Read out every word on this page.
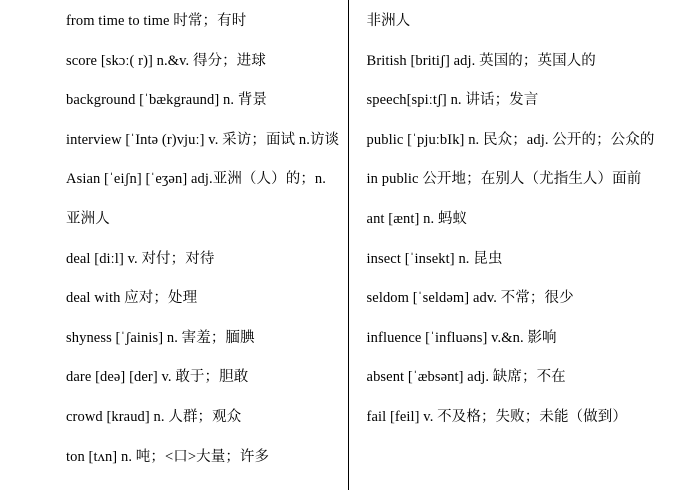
from time to time 时常；有时
score [skɔː( r)] n.&v. 得分；进球
background [ˈbækgraund] n. 背景
interview [ˈIntə (r)vjuː] v. 采访；面试 n.访谈
Asian [ˈeiʃn] [ˈeʒən] adj.亚洲（人）的；n. 亚洲人
deal [diːl] v. 对付；对待
deal with 应对；处理
shyness [ˈʃainis] n. 害羞；腼腆
dare [deə] [der] v. 敢于；胆敢
crowd [kraud] n. 人群；观众
ton [tʌn] n. 吨；<口>大量；许多
非洲人
British [britiʃ] adj. 英国的；英国人的
speech[spiːtʃ] n. 讲话；发言
public [ˈpjuːbIk] n. 民众；adj. 公开的；公众的
in public 公开地；在别人（尤指生人）面前
ant [ænt] n. 蚂蚁
insect [ˈinsekt] n. 昆虫
seldom [ˈseldəm] adv. 不常；很少
influence [ˈinfluəns] v.&n. 影响
absent [ˈæbsənt] adj. 缺席；不在
fail [feil] v. 不及格；失败；未能（做到）
